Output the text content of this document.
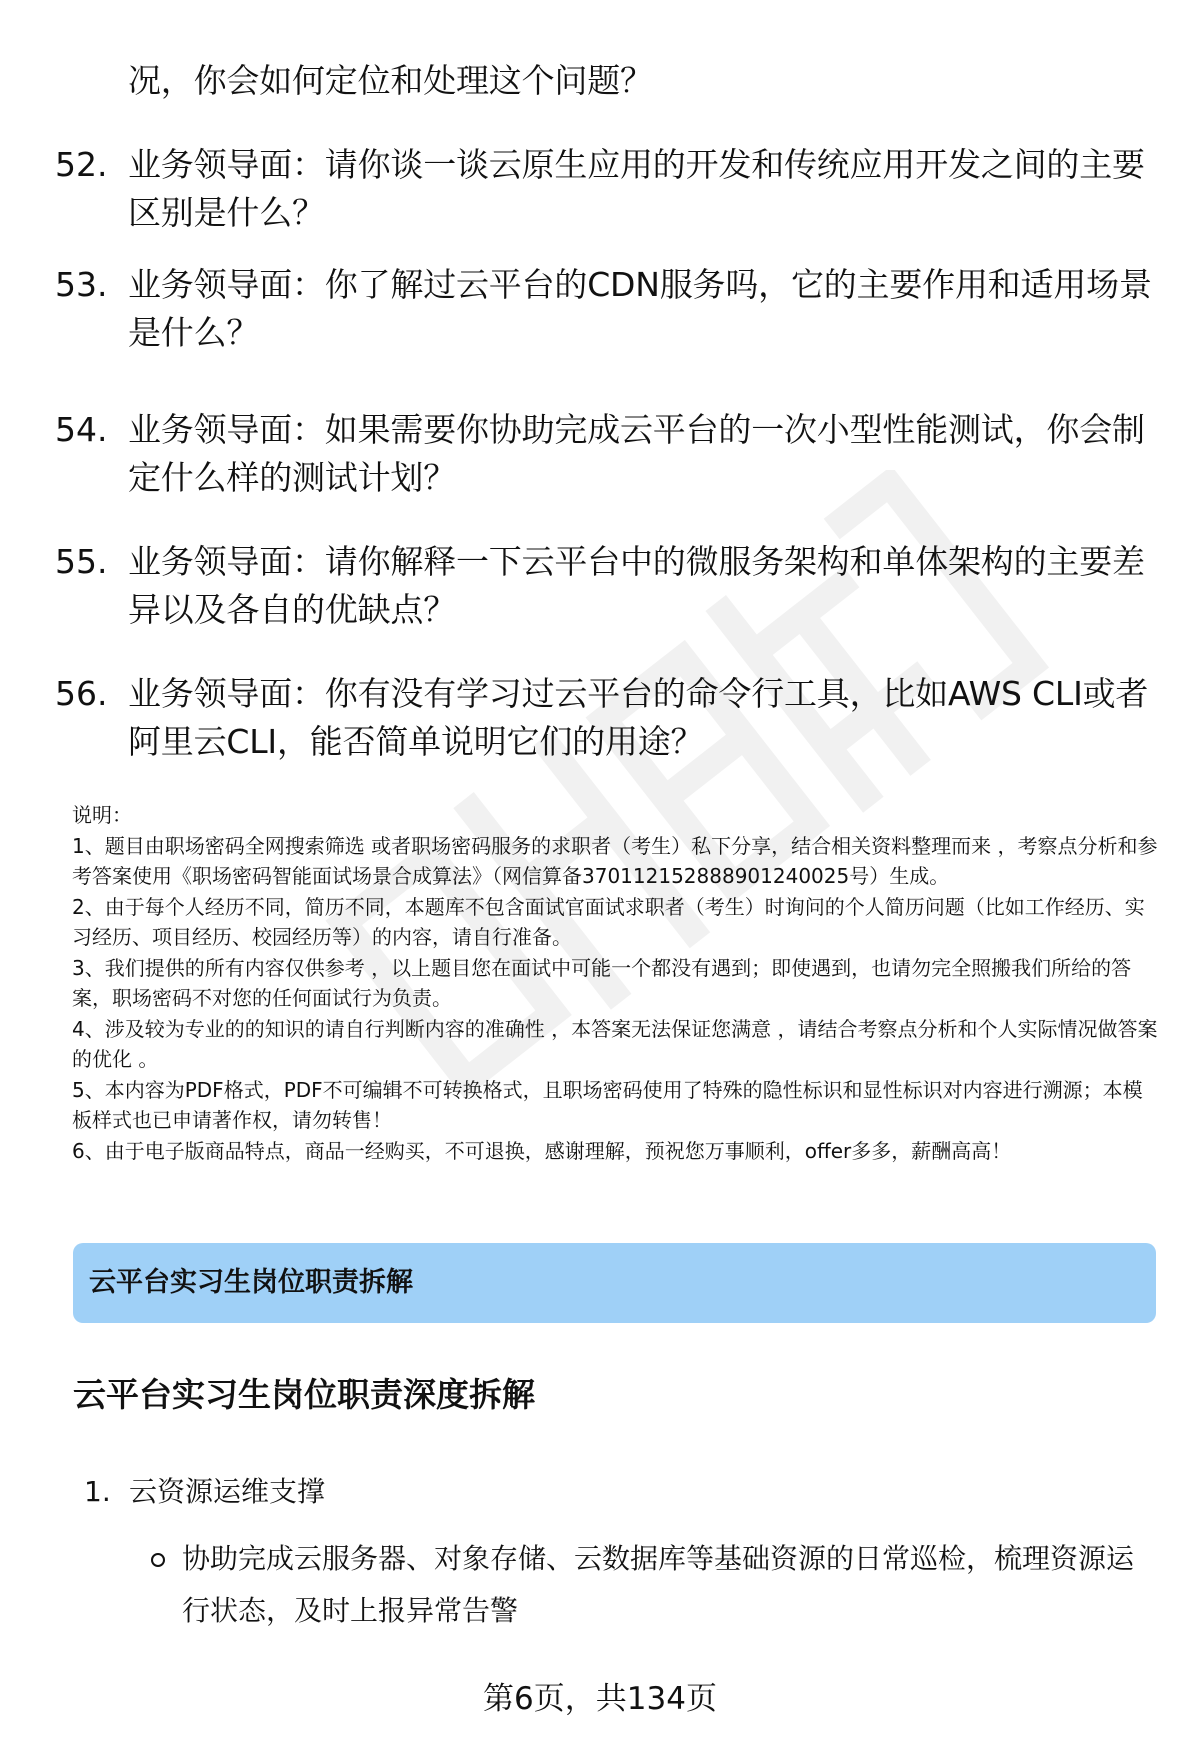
况，你会如何定位和处理这个问题？
52. 业务领导面：请你谈一谈云原生应用的开发和传统应用开发之间的主要区别是什么？
53. 业务领导面：你了解过云平台的CDN服务吗，它的主要作用和适用场景是什么？
54. 业务领导面：如果需要你协助完成云平台的一次小型性能测试，你会制定什么样的测试计划？
55. 业务领导面：请你解释一下云平台中的微服务架构和单体架构的主要差异以及各自的优缺点？
56. 业务领导面：你有没有学习过云平台的命令行工具，比如AWS CLI或者阿里云CLI，能否简单说明它们的用途？

说明：

1、题目由职场密码全网搜索筛选 或者职场密码服务的求职者（考生）私下分享，结合相关资料整理而来 ，考察点分析和参考答案使用《职场密码智能面试场景合成算法》（网信算备370112152888901240025号）生成。

2、由于每个人经历不同，简历不同，本题库不包含面试官面试求职者（考生）时询问的个人简历问题（比如工作经历、实习经历、项目经历、校园经历等）的内容，请自行准备。

3、我们提供的所有内容仅供参考 ，以上题目您在面试中可能一个都没有遇到；即使遇到，也请勿完全照搬我们所给的答案，职场密码不对您的任何面试行为负责。

4、涉及较为专业的的知识的请自行判断内容的准确性 ，本答案无法保证您满意 ，请结合考察点分析和个人实际情况做答案的优化 。

5、本内容为PDF格式，PDF不可编辑不可转换格式，且职场密码使用了特殊的隐性标识和显性标识对内容进行溯源；本模板样式也已申请著作权，请勿转售！

6、由于电子版商品特点，商品一经购买，不可退换，感谢理解，预祝您万事顺利，offer多多，薪酬高高！

云平台实习生岗位职责拆解
云平台实习生岗位职责深度拆解
1. 云资源运维支撑
协助完成云服务器、对象存储、云数据库等基础资源的日常巡检，梳理资源运行状态，及时上报异常告警
第6页，共134页
